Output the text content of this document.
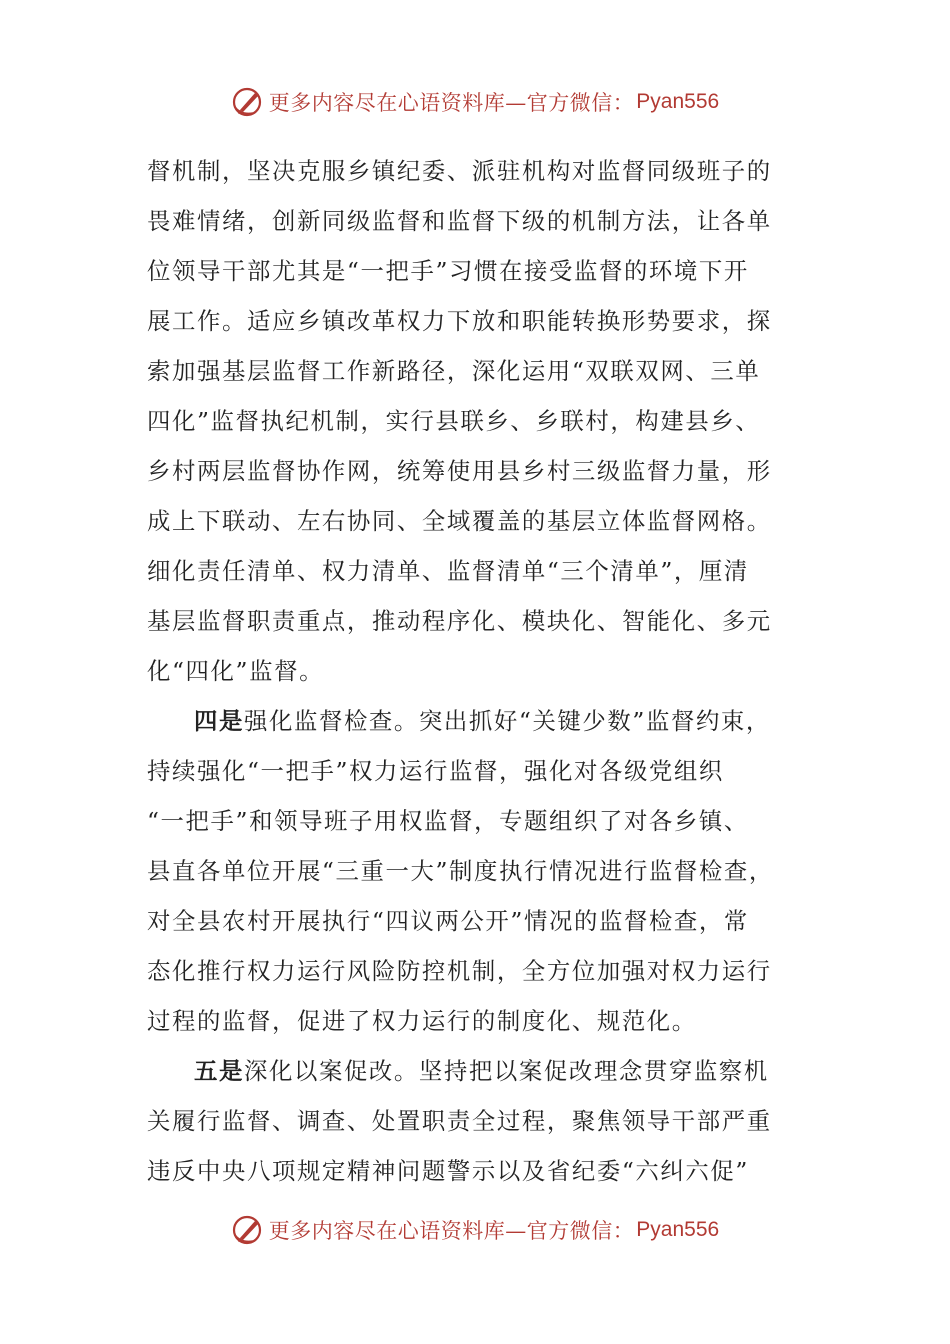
更多内容尽在心语资料库—官方微信： Pyan556
督机制，坚决克服乡镇纪委、派驻机构对监督同级班子的
畏难情绪，创新同级监督和监督下级的机制方法，让各单
位领导干部尤其是“一把手”习惯在接受监督的环境下开
展工作。适应乡镇改革权力下放和职能转换形势要求，探
索加强基层监督工作新路径，深化运用“双联双网、三单
四化”监督执纪机制，实行县联乡、乡联村，构建县乡、
乡村两层监督协作网，统筹使用县乡村三级监督力量，形
成上下联动、左右协同、全域覆盖的基层立体监督网格。
细化责任清单、权力清单、监督清单“三个清单”，厘清
基层监督职责重点，推动程序化、模块化、智能化、多元
化“四化”监督。
四是强化监督检查。突出抓好“关键少数”监督约束，
持续强化“一把手”权力运行监督，强化对各级党组织
“一把手”和领导班子用权监督，专题组织了对各乡镇、
县直各单位开展“三重一大”制度执行情况进行监督检查，
对全县农村开展执行“四议两公开”情况的监督检查，常
态化推行权力运行风险防控机制，全方位加强对权力运行
过程的监督，促进了权力运行的制度化、规范化。
五是深化以案促改。坚持把以案促改理念贯穿监察机
关履行监督、调查、处置职责全过程，聚焦领导干部严重
违反中央八项规定精神问题警示以及省纪委“六纠六促”
更多内容尽在心语资料库—官方微信： Pyan556
